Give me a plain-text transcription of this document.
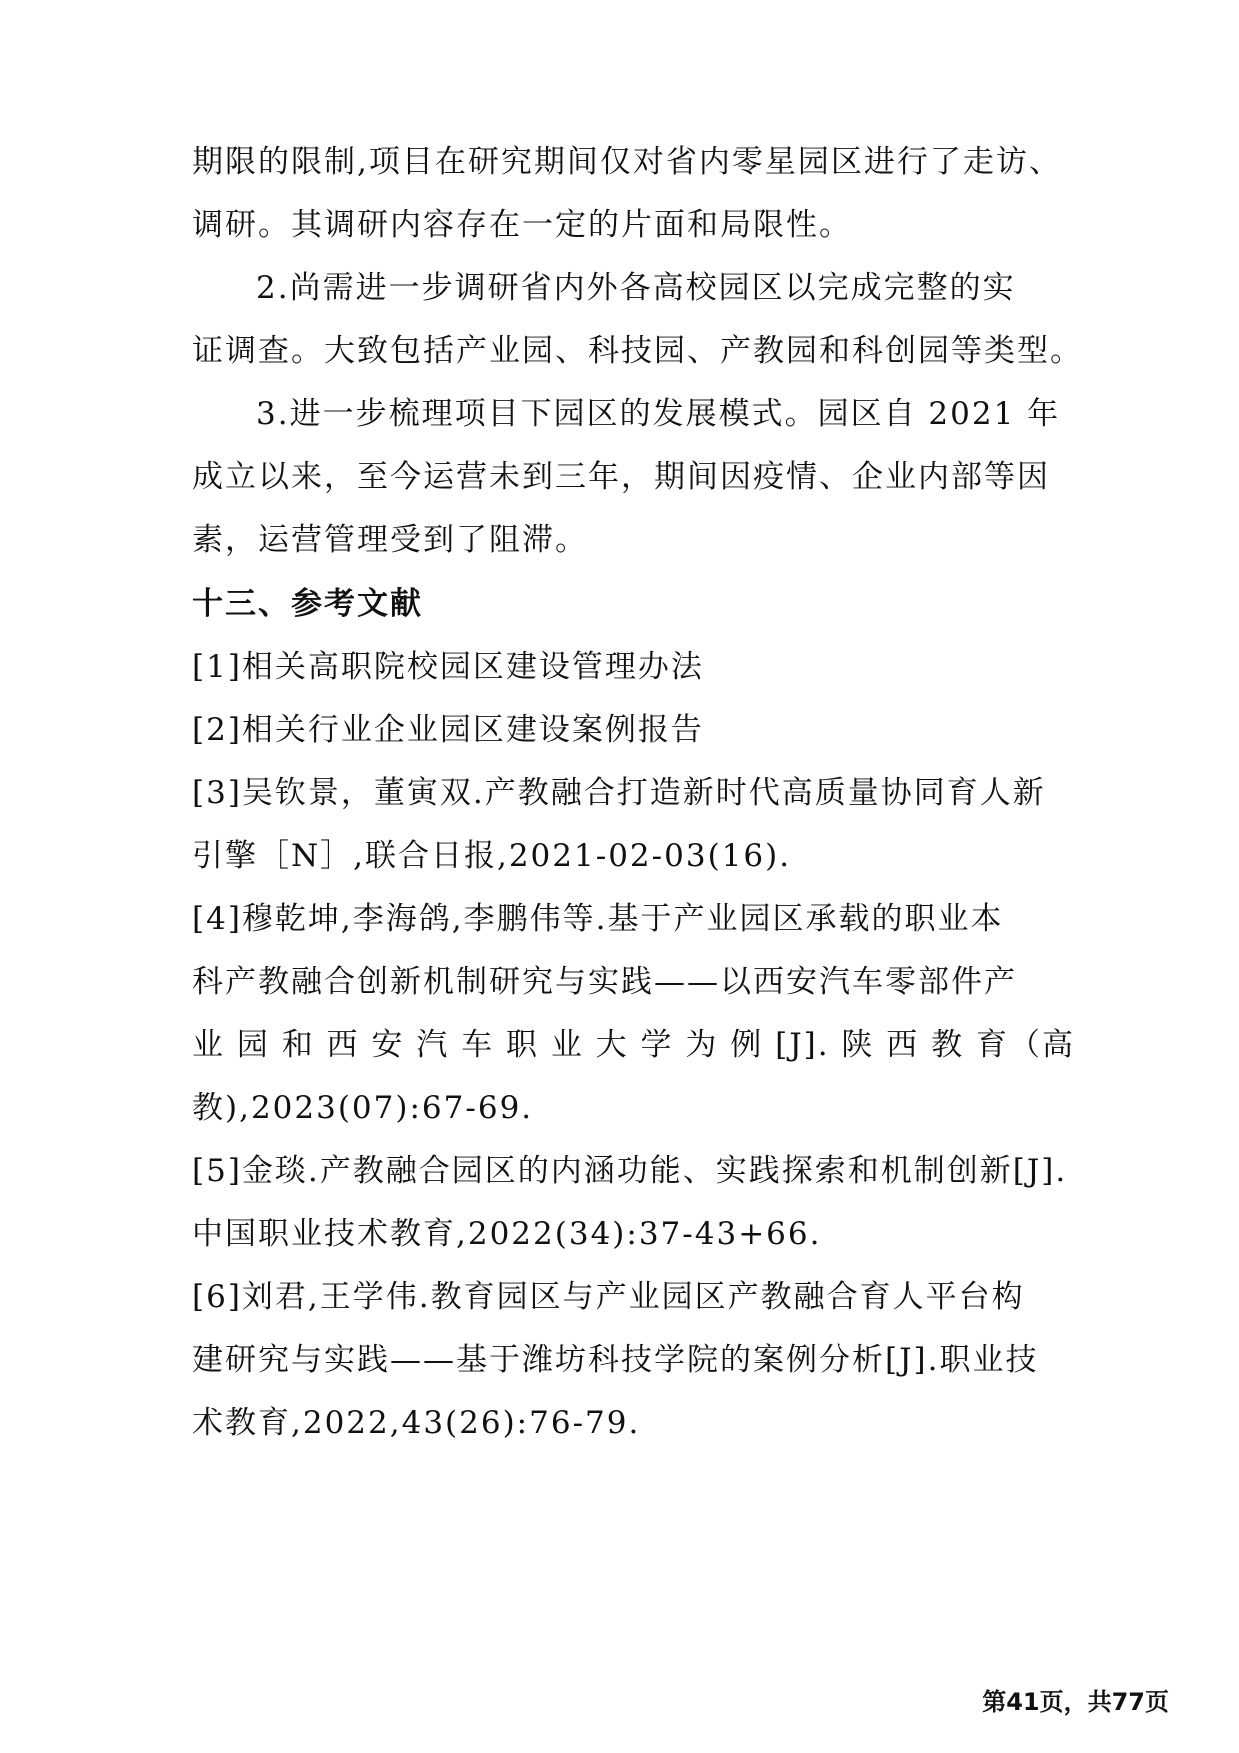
期限的限制,项目在研究期间仅对省内零星园区进行了走访、
调研。其调研内容存在一定的片面和局限性。
2.尚需进一步调研省内外各高校园区以完成完整的实
证调查。大致包括产业园、科技园、产教园和科创园等类型。
3.进一步梳理项目下园区的发展模式。园区自 2021 年
成立以来，至今运营未到三年，期间因疫情、企业内部等因
素，运营管理受到了阻滞。
十三、参考文献
[1]相关高职院校园区建设管理办法
[2]相关行业企业园区建设案例报告
[3]吴钦景，董寅双.产教融合打造新时代高质量协同育人新
引擎［N］,联合日报,2021-02-03(16).
[4]穆乾坤,李海鸽,李鹏伟等.基于产业园区承载的职业本
科产教融合创新机制研究与实践——以西安汽车零部件产
业 园 和 西 安 汽 车 职 业 大 学 为 例 [J]. 陕 西 教 育（高
教),2023(07):67-69.
[5]金琰.产教融合园区的内涵功能、实践探索和机制创新[J].
中国职业技术教育,2022(34):37-43+66.
[6]刘君,王学伟.教育园区与产业园区产教融合育人平台构
建研究与实践——基于潍坊科技学院的案例分析[J].职业技
术教育,2022,43(26):76-79.
第41页，共77页
